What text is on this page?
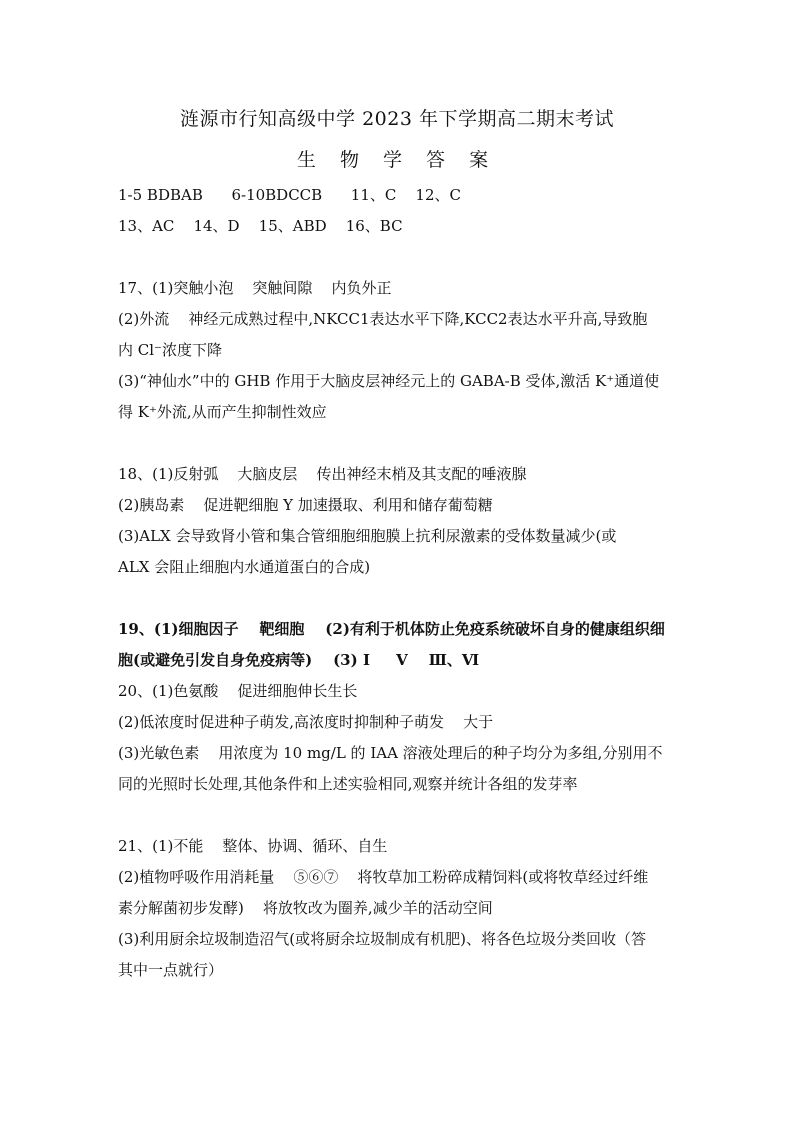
涟源市行知高级中学 2023 年下学期高二期末考试
生 物 学 答 案
1-5 BDBAB      6-10BDCCB      11、C    12、C
13、AC    14、D    15、ABD    16、BC
17、(1)突触小泡    突触间隙    内负外正
(2)外流    神经元成熟过程中,NKCC1表达水平下降,KCC2表达水平升高,导致胞
内 Cl⁻浓度下降
(3)“神仙水”中的 GHB 作用于大脑皮层神经元上的 GABA-B 受体,激活 K⁺通道使
得 K⁺外流,从而产生抑制性效应
18、(1)反射弧    大脑皮层    传出神经末梢及其支配的唾液腺
(2)胰岛素    促进靶细胞 Y 加速摄取、利用和储存葡萄糖
(3)ALX 会导致肾小管和集合管细胞细胞膜上抗利尿激素的受体数量减少(或
ALX 会阻止细胞内水通道蛋白的合成)
19、(1)细胞因子    靶细胞    (2)有利于机体防止免疫系统破坏自身的健康组织细
胞(或避免引发自身免疫病等)    (3) Ⅰ     Ⅴ    Ⅲ、Ⅵ
20、(1)色氨酸    促进细胞伸长生长
(2)低浓度时促进种子萌发,高浓度时抑制种子萌发    大于
(3)光敏色素    用浓度为 10 mg/L 的 IAA 溶液处理后的种子均分为多组,分别用不
同的光照时长处理,其他条件和上述实验相同,观察并统计各组的发芽率
21、(1)不能    整体、协调、循环、自生
(2)植物呼吸作用消耗量    ⑤⑥⑦    将牧草加工粉碎成精饲料(或将牧草经过纤维
素分解菌初步发酵)    将放牧改为圈养,减少羊的活动空间
(3)利用厨余垃圾制造沼气(或将厨余垃圾制成有机肥)、将各色垃圾分类回收（答
其中一点就行）
